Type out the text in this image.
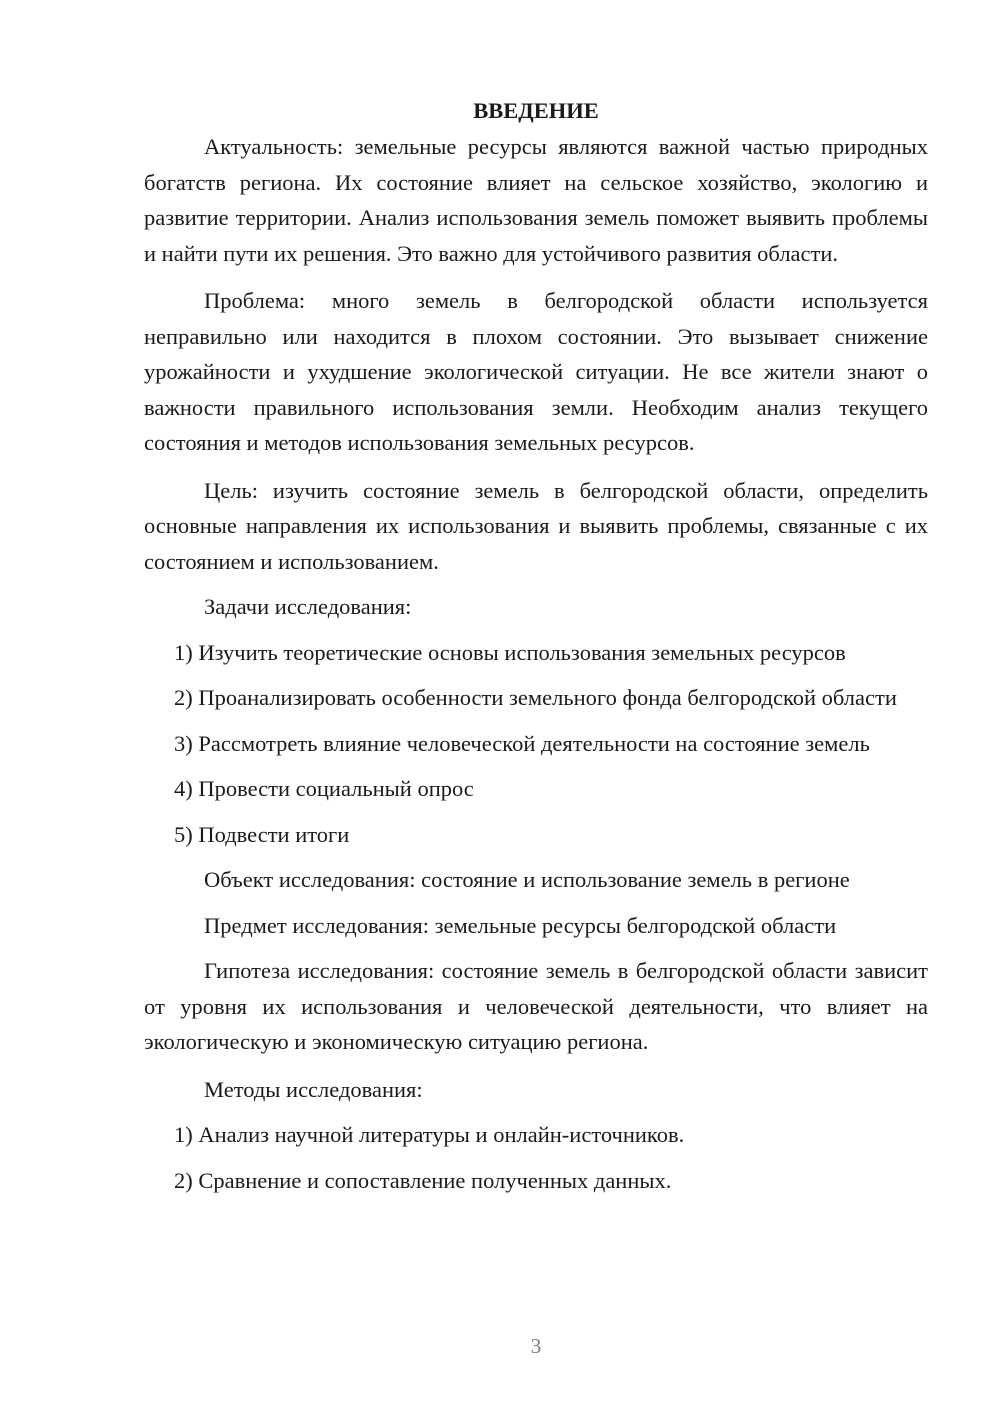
ВВЕДЕНИЕ

Актуальность: земельные ресурсы являются важной частью природных богатств региона. Их состояние влияет на сельское хозяйство, экологию и развитие территории. Анализ использования земель поможет выявить проблемы и найти пути их решения. Это важно для устойчивого развития области.

Проблема: много земель в белгородской области используется неправильно или находится в плохом состоянии. Это вызывает снижение урожайности и ухудшение экологической ситуации. Не все жители знают о важности правильного использования земли. Необходим анализ текущего состояния и методов использования земельных ресурсов.

Цель: изучить состояние земель в белгородской области, определить основные направления их использования и выявить проблемы, связанные с их состоянием и использованием.

Задачи исследования:

1) Изучить теоретические основы использования земельных ресурсов

2) Проанализировать особенности земельного фонда белгородской области

3) Рассмотреть влияние человеческой деятельности на состояние земель

4) Провести социальный опрос

5) Подвести итоги

Объект исследования: состояние и использование земель в регионе

Предмет исследования: земельные ресурсы белгородской области

Гипотеза исследования: состояние земель в белгородской области зависит от уровня их использования и человеческой деятельности, что влияет на экологическую и экономическую ситуацию региона.

Методы исследования:

1) Анализ научной литературы и онлайн-источников.

2) Сравнение и сопоставление полученных данных.

3
